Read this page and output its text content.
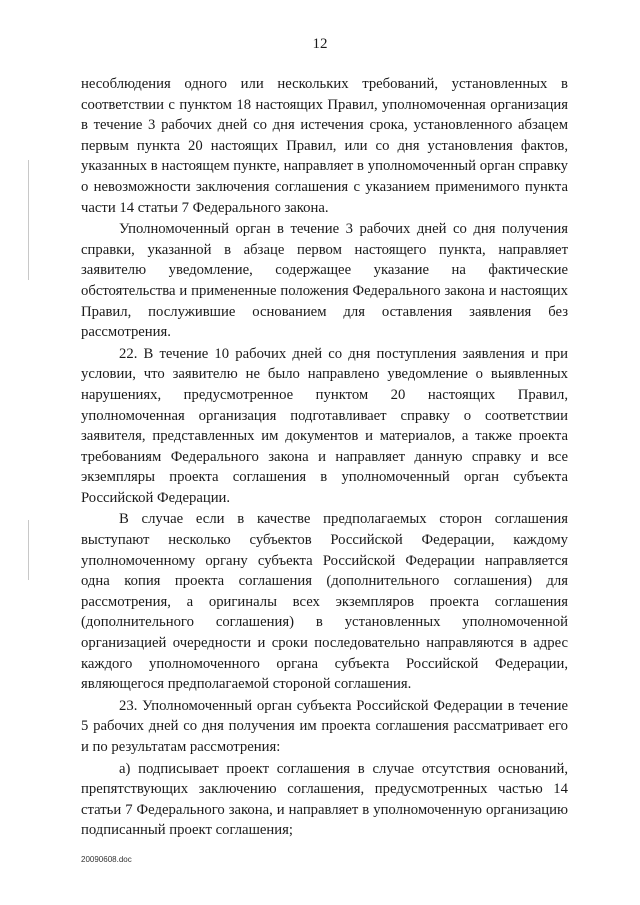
12

несоблюдения одного или нескольких требований, установленных в соответствии с пунктом 18 настоящих Правил, уполномоченная организация в течение 3 рабочих дней со дня истечения срока, установленного абзацем первым пункта 20 настоящих Правил, или со дня установления фактов, указанных в настоящем пункте, направляет в уполномоченный орган справку о невозможности заключения соглашения с указанием применимого пункта части 14 статьи 7 Федерального закона.

Уполномоченный орган в течение 3 рабочих дней со дня получения справки, указанной в абзаце первом настоящего пункта, направляет заявителю уведомление, содержащее указание на фактические обстоятельства и примененные положения Федерального закона и настоящих Правил, послужившие основанием для оставления заявления без рассмотрения.

22. В течение 10 рабочих дней со дня поступления заявления и при условии, что заявителю не было направлено уведомление о выявленных нарушениях, предусмотренное пунктом 20 настоящих Правил, уполномоченная организация подготавливает справку о соответствии заявителя, представленных им документов и материалов, а также проекта требованиям Федерального закона и направляет данную справку и все экземпляры проекта соглашения в уполномоченный орган субъекта Российской Федерации.

В случае если в качестве предполагаемых сторон соглашения выступают несколько субъектов Российской Федерации, каждому уполномоченному органу субъекта Российской Федерации направляется одна копия проекта соглашения (дополнительного соглашения) для рассмотрения, а оригиналы всех экземпляров проекта соглашения (дополнительного соглашения) в установленных уполномоченной организацией очередности и сроки последовательно направляются в адрес каждого уполномоченного органа субъекта Российской Федерации, являющегося предполагаемой стороной соглашения.

23. Уполномоченный орган субъекта Российской Федерации в течение 5 рабочих дней со дня получения им проекта соглашения рассматривает его и по результатам рассмотрения:

а) подписывает проект соглашения в случае отсутствия оснований, препятствующих заключению соглашения, предусмотренных частью 14 статьи 7 Федерального закона, и направляет в уполномоченную организацию подписанный проект соглашения;

20090608.doc
